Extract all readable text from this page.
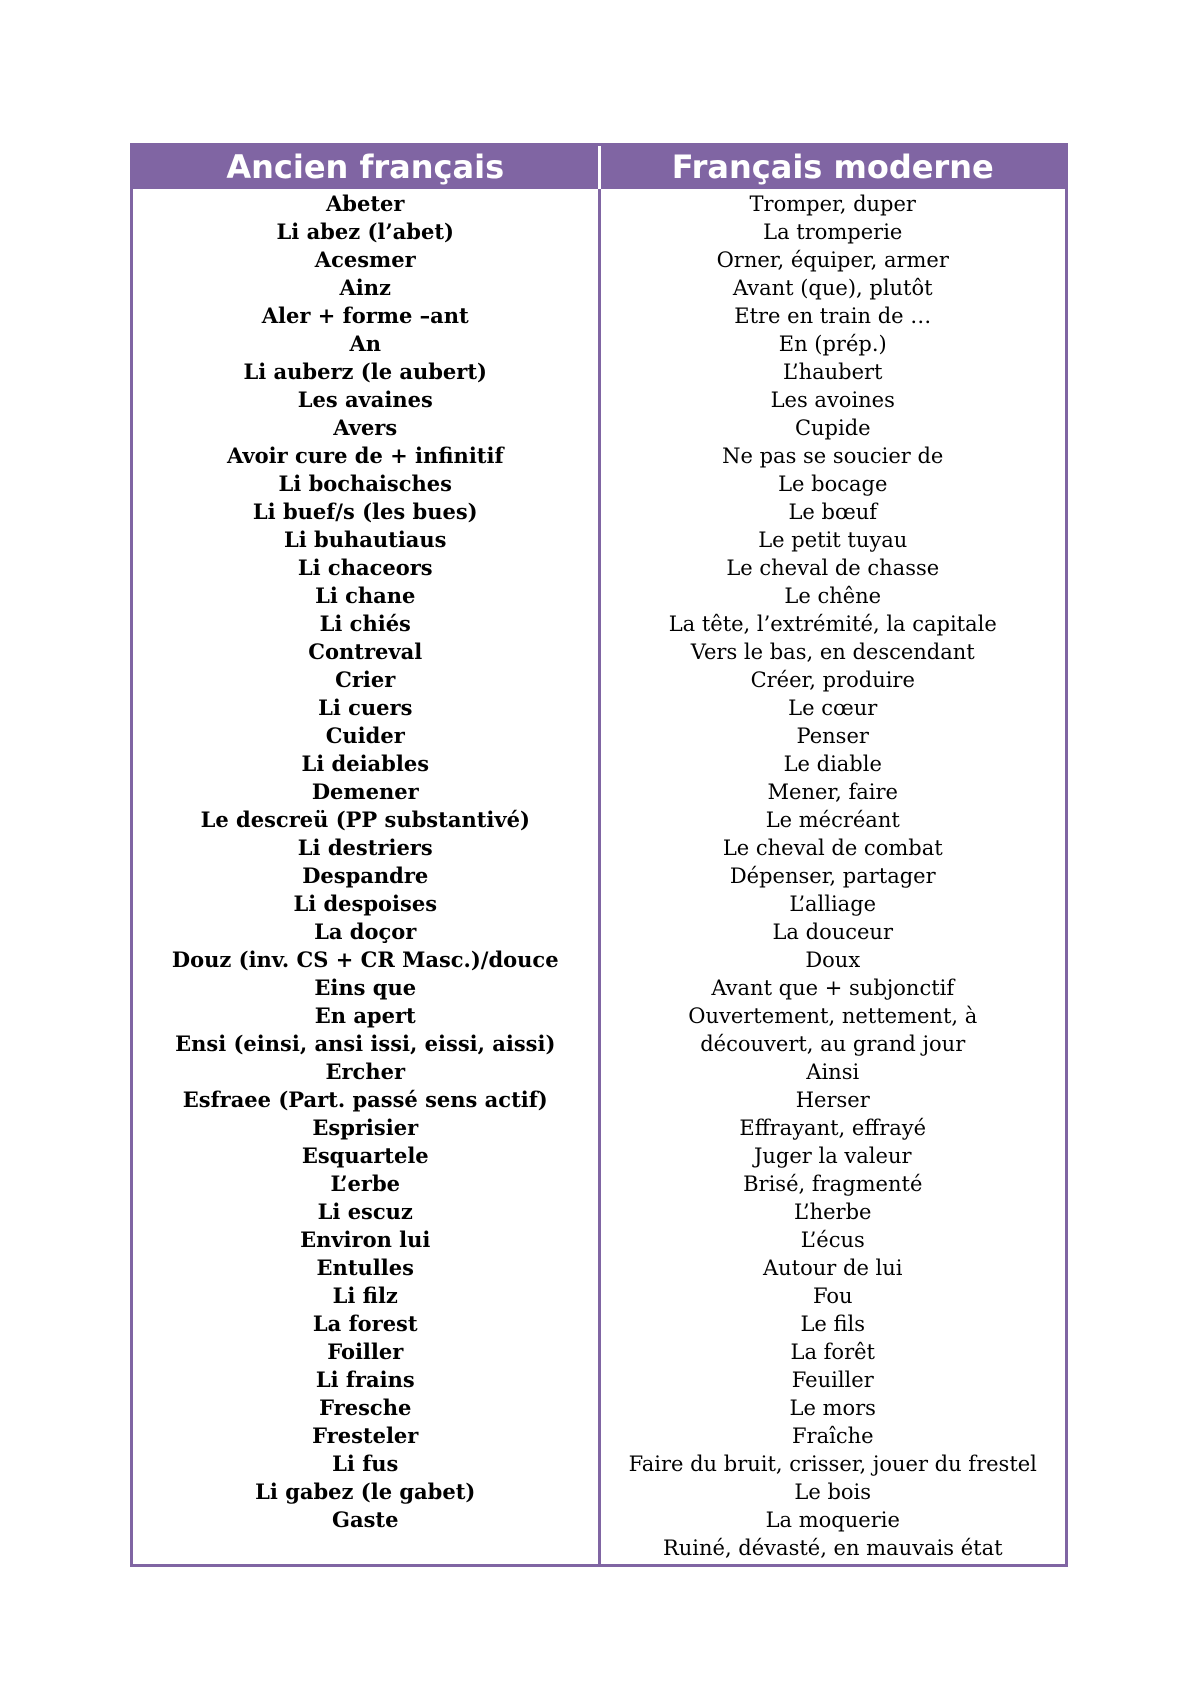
Ancien français	Français moderne
Abeter
Li abez (l’abet)
Acesmer
Ainz
Aler + forme –ant
An
Li auberz (le aubert)
Les avaines
Avers
Avoir cure de + infinitif
Li bochaisches
Li buef/s (les bues)
Li buhautiaus
Li chaceors
Li chane
Li chiés
Contreval
Crier
Li cuers
Cuider
Li deiables
Demener
Le descreü (PP substantivé)
Li destriers
Despandre
Li despoises
La doçor
Douz (inv. CS + CR Masc.)/douce
Eins que
En apert
Ensi (einsi, ansi issi, eissi, aissi)
Ercher
Esfraee (Part. passé sens actif)
Esprisier
Esquartele
L’erbe
Li escuz
Environ lui
Entulles
Li filz
La forest
Foiller
Li frains
Fresche
Fresteler
Li fus
Li gabez (le gabet)
Gaste
Tromper, duper
La tromperie
Orner, équiper, armer
Avant (que), plutôt
Etre en train de …
En (prép.)
L’haubert
Les avoines
Cupide
Ne pas se soucier de
Le bocage
Le bœuf
Le petit tuyau
Le cheval de chasse
Le chêne
La tête, l’extrémité, la capitale
Vers le bas, en descendant
Créer, produire
Le cœur
Penser
Le diable
Mener, faire
Le mécréant
Le cheval de combat
Dépenser, partager
L’alliage
La douceur
Doux
Avant que + subjonctif
Ouvertement, nettement, à découvert, au grand jour
Ainsi
Herser
Effrayant, effrayé
Juger la valeur
Brisé, fragmenté
L’herbe
L’écus
Autour de lui
Fou
Le fils
La forêt
Feuiller
Le mors
Fraîche
Faire du bruit, crisser, jouer du frestel
Le bois
La moquerie
Ruiné, dévasté, en mauvais état
